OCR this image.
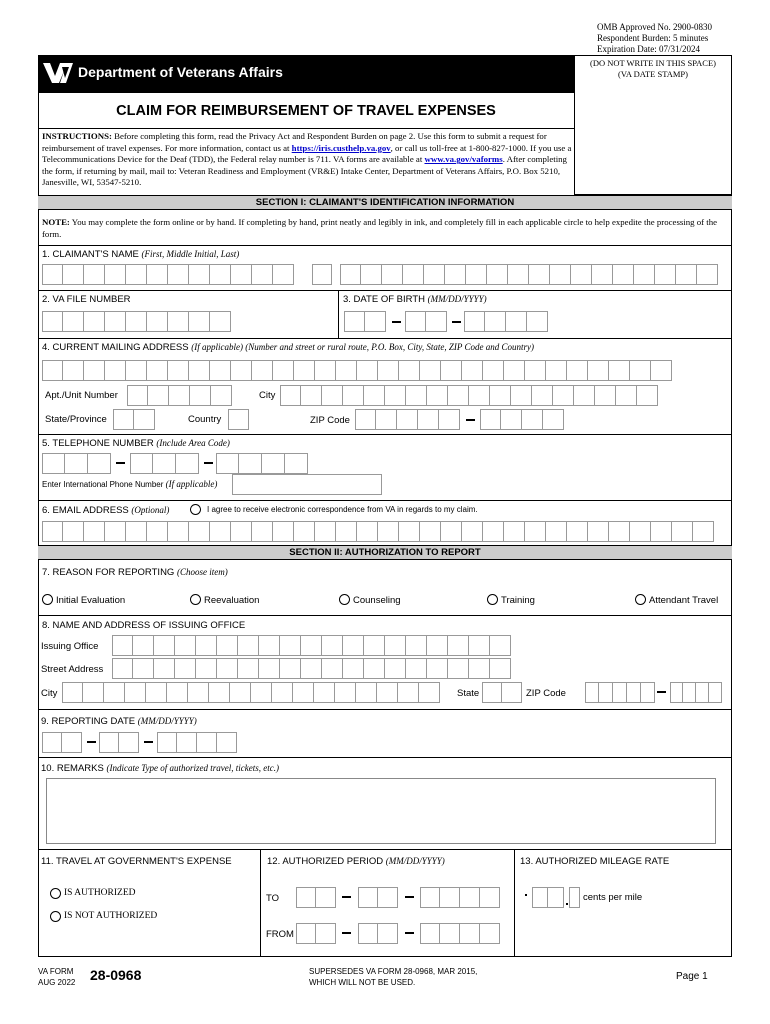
OMB Approved No. 2900-0830
Respondent Burden: 5 minutes
Expiration Date: 07/31/2024
Department of Veterans Affairs
(DO NOT WRITE IN THIS SPACE)
(VA DATE STAMP)
CLAIM FOR REIMBURSEMENT OF TRAVEL EXPENSES
INSTRUCTIONS: Before completing this form, read the Privacy Act and Respondent Burden on page 2. Use this form to submit a request for reimbursement of travel expenses. For more information, contact us at https://iris.custhelp.va.gov, or call us toll-free at 1-800-827-1000. If you use a Telecommunications Device for the Deaf (TDD), the Federal relay number is 711. VA forms are available at www.va.gov/vaforms. After completing the form, if returning by mail, mail to: Veteran Readiness and Employment (VR&E) Intake Center, Department of Veterans Affairs, P.O. Box 5210, Janesville, WI, 53547-5210.
SECTION I: CLAIMANT'S IDENTIFICATION INFORMATION
NOTE: You may complete the form online or by hand. If completing by hand, print neatly and legibly in ink, and completely fill in each applicable circle to help expedite the processing of the form.
1. CLAIMANT'S NAME (First, Middle Initial, Last)
2. VA FILE NUMBER	3. DATE OF BIRTH (MM/DD/YYYY)
4. CURRENT MAILING ADDRESS (If applicable) (Number and street or rural route, P.O. Box, City, State, ZIP Code and Country)
Apt./Unit Number	City
State/Province	Country	ZIP Code
5. TELEPHONE NUMBER (Include Area Code)
Enter International Phone Number (If applicable)
6. EMAIL ADDRESS (Optional)	I agree to receive electronic correspondence from VA in regards to my claim.
SECTION II: AUTHORIZATION TO REPORT
7. REASON FOR REPORTING (Choose item)
Initial Evaluation	Reevaluation	Counseling	Training	Attendant Travel
8. NAME AND ADDRESS OF ISSUING OFFICE
Issuing Office
Street Address
City	State	ZIP Code
9. REPORTING DATE (MM/DD/YYYY)
10. REMARKS (Indicate Type of authorized travel, tickets, etc.)
11. TRAVEL AT GOVERNMENT'S EXPENSE
IS AUTHORIZED
IS NOT AUTHORIZED
12. AUTHORIZED PERIOD (MM/DD/YYYY)
TO
FROM
13. AUTHORIZED MILEAGE RATE
cents per mile
VA FORM
AUG 2022 28-0968	SUPERSEDES VA FORM 28-0968, MAR 2015,
WHICH WILL NOT BE USED.
Page 1
